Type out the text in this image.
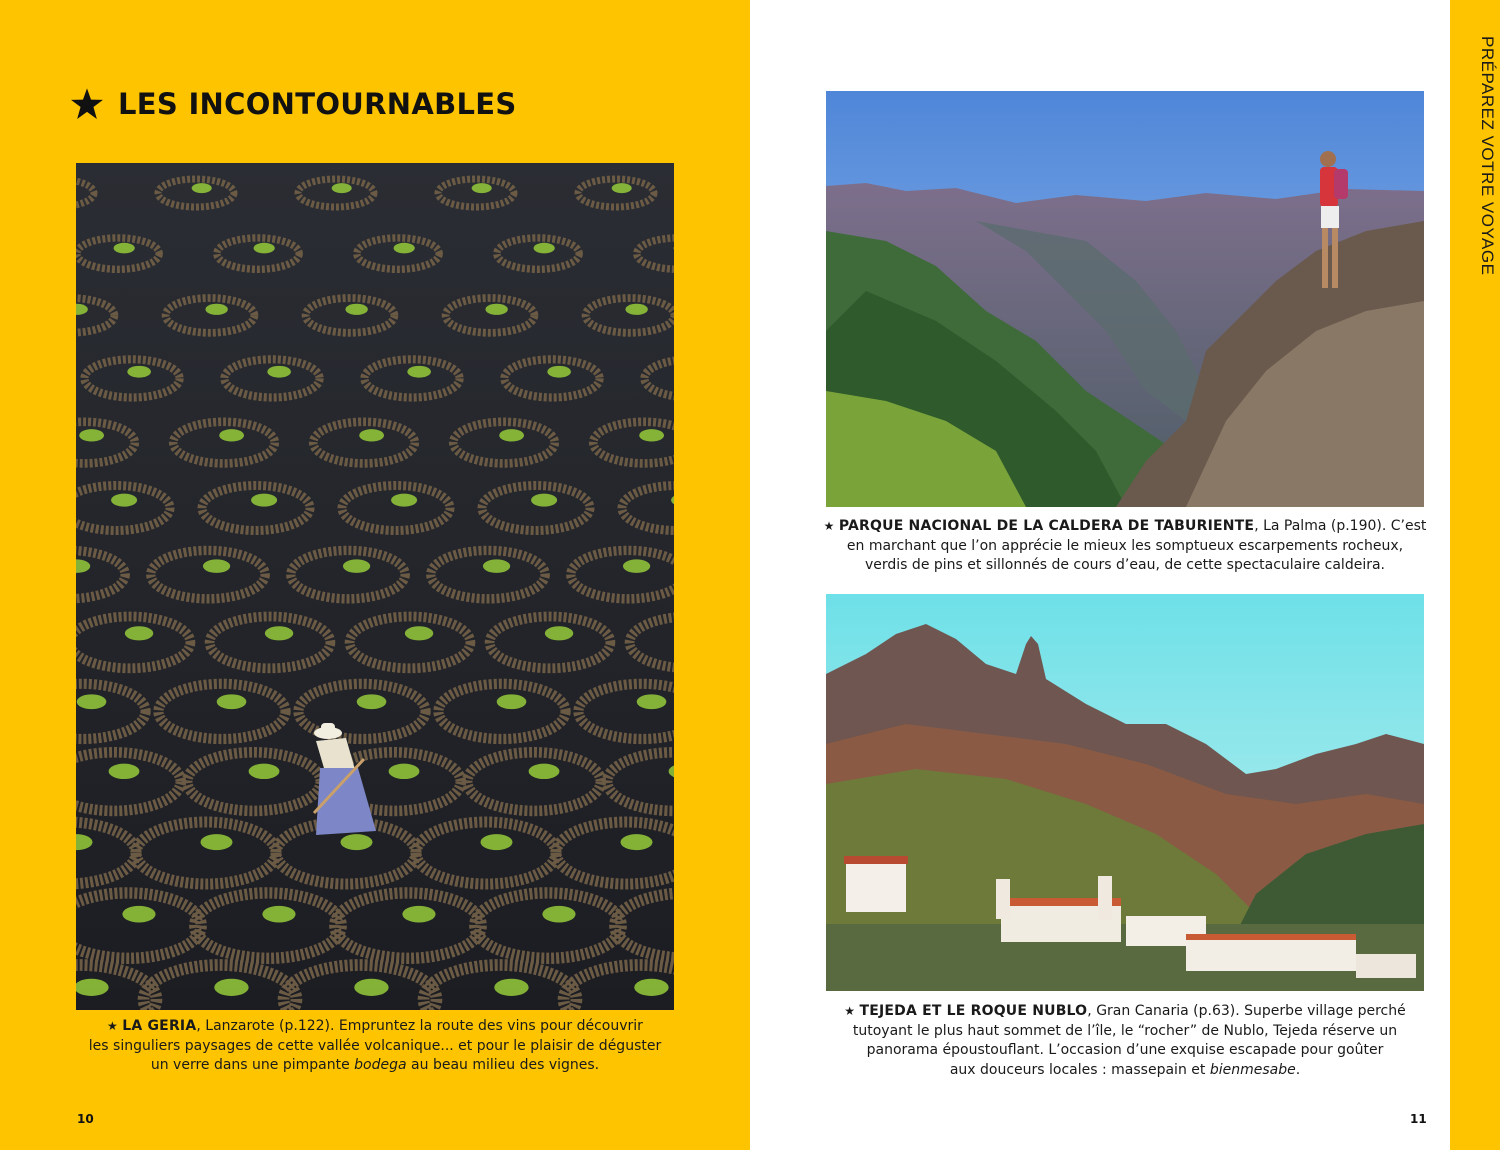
PRÉPAREZ VOTRE VOYAGE
LES INCONTOURNABLES
★ LA GERIA, Lanzarote (p.122). Empruntez la route des vins pour découvrir
les singuliers paysages de cette vallée volcanique... et pour le plaisir de déguster
un verre dans une pimpante bodega au beau milieu des vignes.
10
★ PARQUE NACIONAL DE LA CALDERA DE TABURIENTE, La Palma (p.190). C’est
en marchant que l’on apprécie le mieux les somptueux escarpements rocheux,
verdis de pins et sillonnés de cours d’eau, de cette spectaculaire caldeira.
★ TEJEDA ET LE ROQUE NUBLO, Gran Canaria (p.63). Superbe village perché
tutoyant le plus haut sommet de l’île, le “rocher” de Nublo, Tejeda réserve un
panorama époustouflant. L’occasion d’une exquise escapade pour goûter
aux douceurs locales : massepain et bienmesabe.
11
